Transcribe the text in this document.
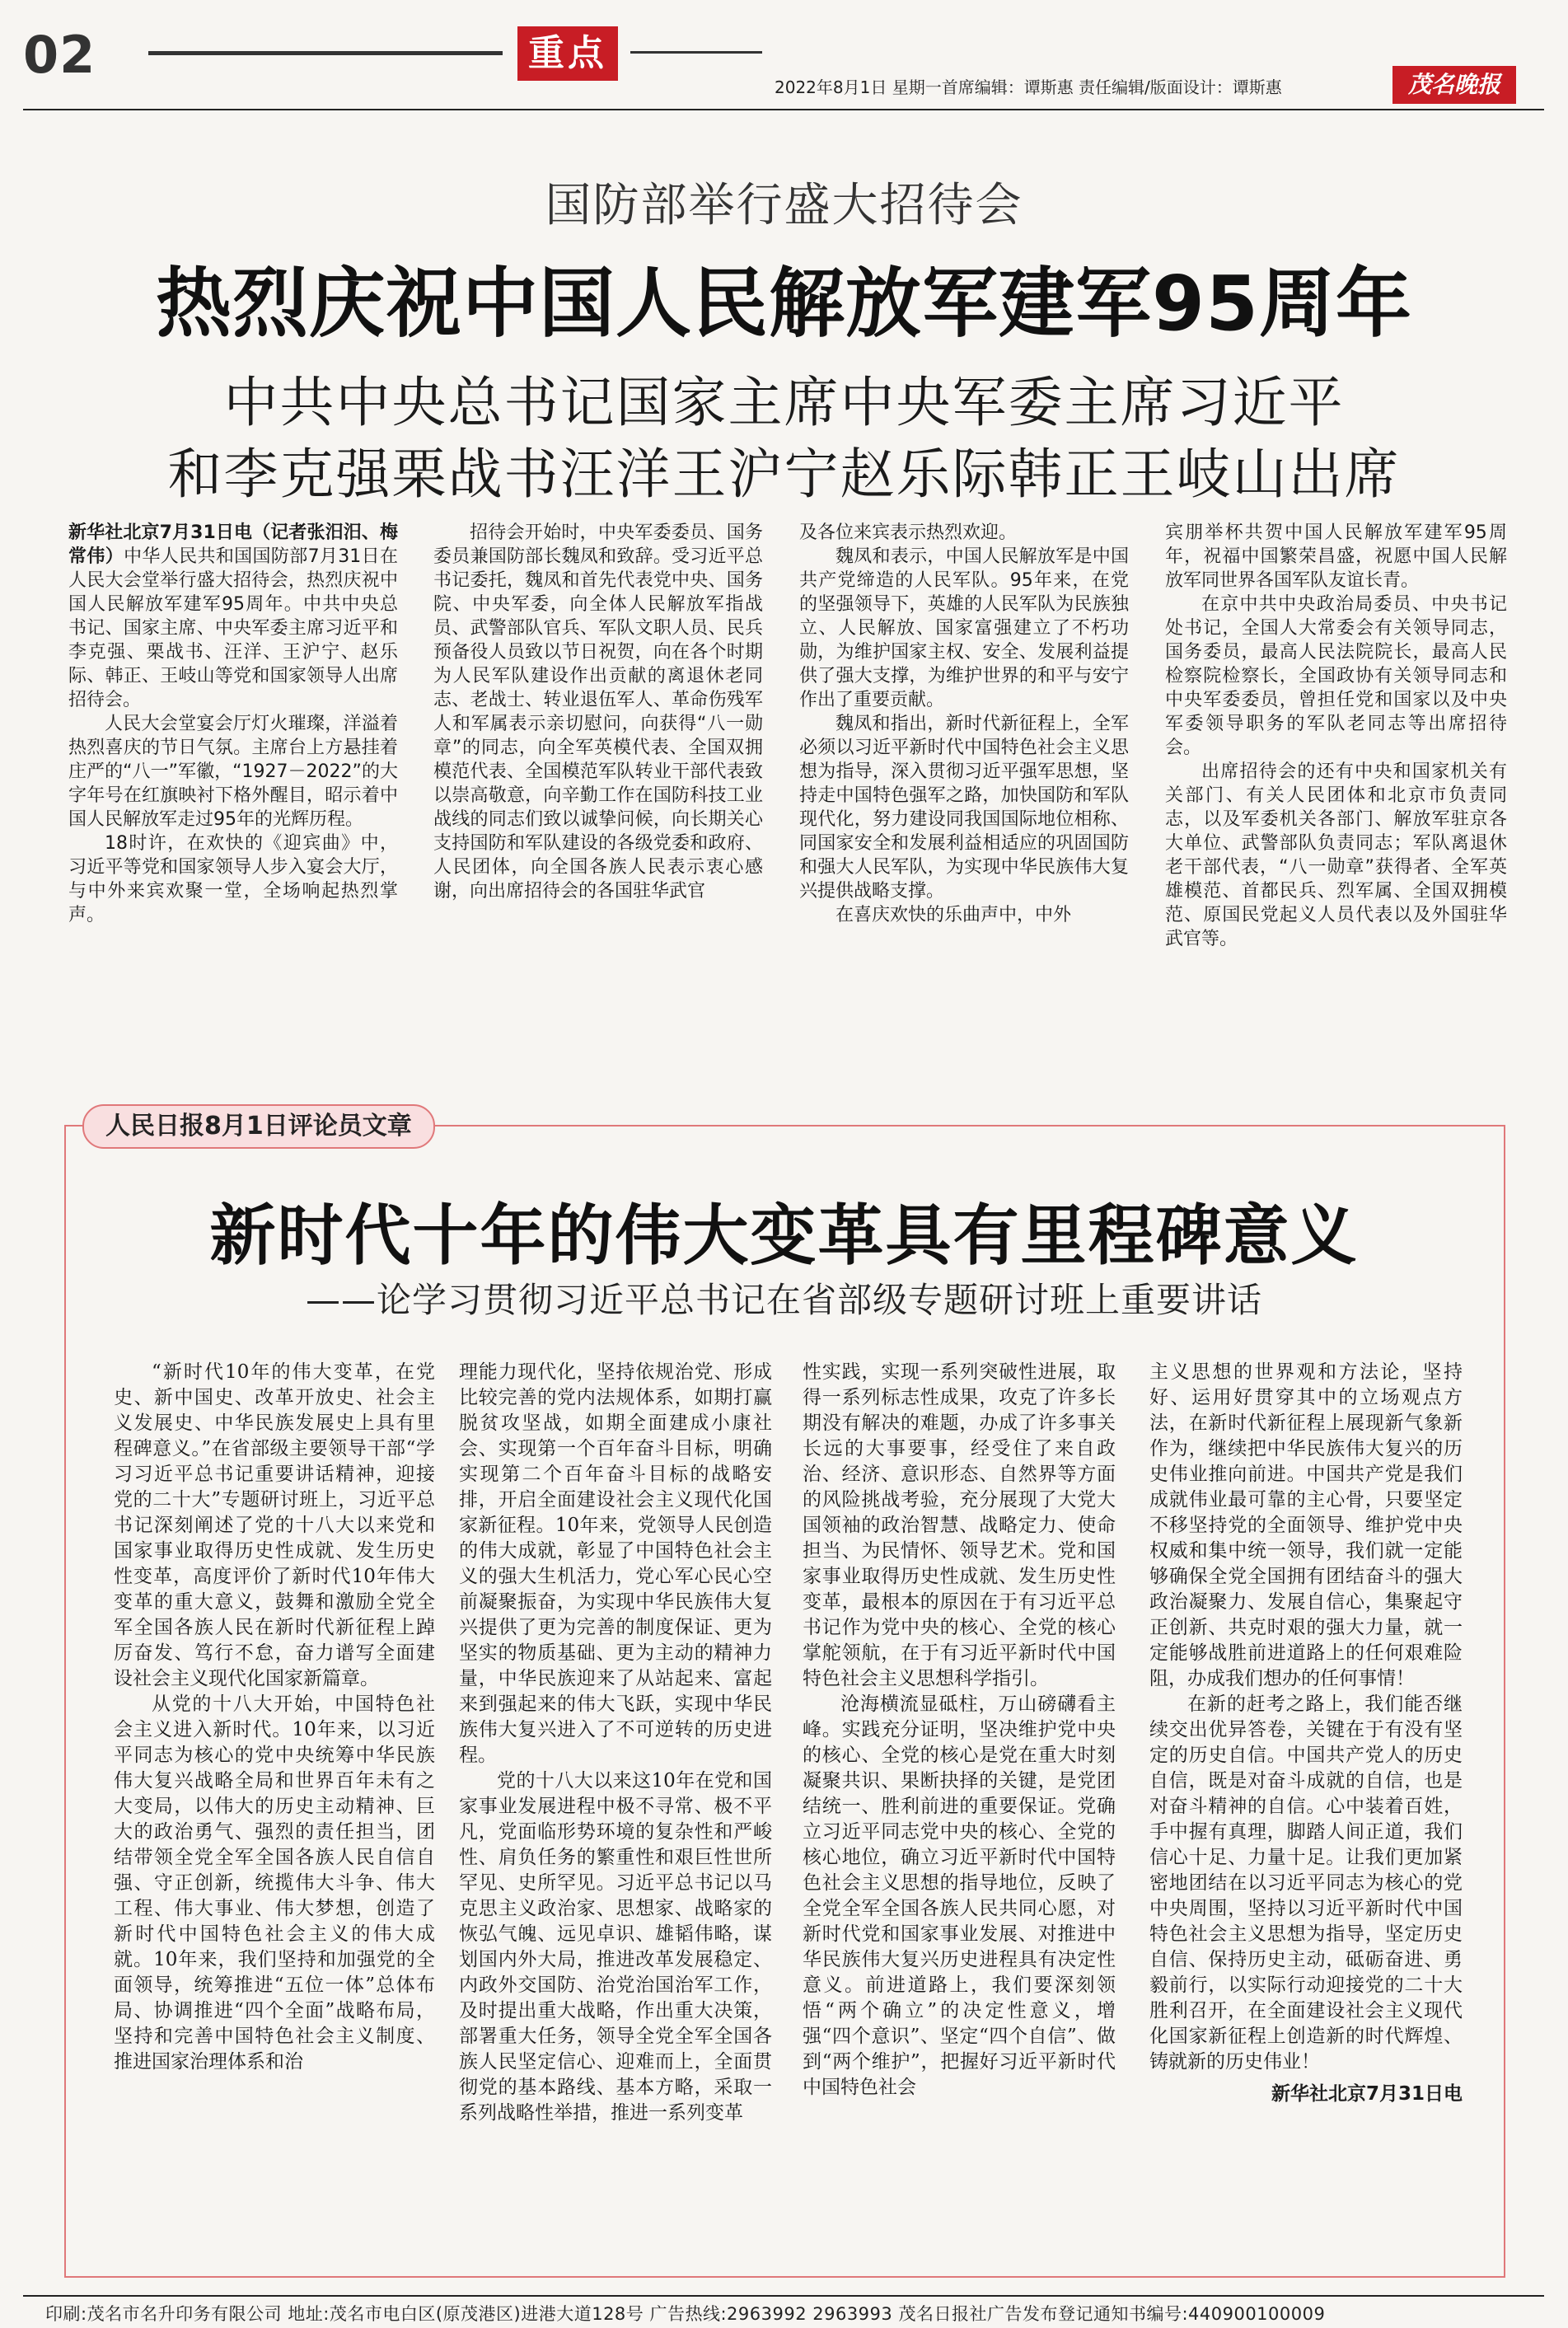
02	重点
2022年8月1日 星期一首席编辑：谭斯惠 责任编辑/版面设计：谭斯惠	茂名晚报
国防部举行盛大招待会
热烈庆祝中国人民解放军建军95周年
中共中央总书记国家主席中央军委主席习近平
和李克强栗战书汪洋王沪宁赵乐际韩正王岐山出席

新华社北京7月31日电（记者张汨汨、梅常伟）中华人民共和国国防部7月31日在人民大会堂举行盛大招待会，热烈庆祝中国人民解放军建军95周年。中共中央总书记、国家主席、中央军委主席习近平和李克强、栗战书、汪洋、王沪宁、赵乐际、韩正、王岐山等党和国家领导人出席招待会。

人民大会堂宴会厅灯火璀璨，洋溢着热烈喜庆的节日气氛。主席台上方悬挂着庄严的“八一”军徽，“1927－2022”的大字年号在红旗映衬下格外醒目，昭示着中国人民解放军走过95年的光辉历程。

18时许，在欢快的《迎宾曲》中，习近平等党和国家领导人步入宴会大厅，与中外来宾欢聚一堂，全场响起热烈掌声。

招待会开始时，中央军委委员、国务委员兼国防部长魏凤和致辞。受习近平总书记委托，魏凤和首先代表党中央、国务院、中央军委，向全体人民解放军指战员、武警部队官兵、军队文职人员、民兵预备役人员致以节日祝贺，向在各个时期为人民军队建设作出贡献的离退休老同志、老战士、转业退伍军人、革命伤残军人和军属表示亲切慰问，向获得“八一勋章”的同志，向全军英模代表、全国双拥模范代表、全国模范军队转业干部代表致以崇高敬意，向辛勤工作在国防科技工业战线的同志们致以诚挚问候，向长期关心支持国防和军队建设的各级党委和政府、人民团体，向全国各族人民表示衷心感谢，向出席招待会的各国驻华武官

及各位来宾表示热烈欢迎。

魏凤和表示，中国人民解放军是中国共产党缔造的人民军队。95年来，在党的坚强领导下，英雄的人民军队为民族独立、人民解放、国家富强建立了不朽功勋，为维护国家主权、安全、发展利益提供了强大支撑，为维护世界的和平与安宁作出了重要贡献。

魏凤和指出，新时代新征程上，全军必须以习近平新时代中国特色社会主义思想为指导，深入贯彻习近平强军思想，坚持走中国特色强军之路，加快国防和军队现代化，努力建设同我国国际地位相称、同国家安全和发展利益相适应的巩固国防和强大人民军队，为实现中华民族伟大复兴提供战略支撑。

在喜庆欢快的乐曲声中，中外

宾朋举杯共贺中国人民解放军建军95周年，祝福中国繁荣昌盛，祝愿中国人民解放军同世界各国军队友谊长青。

在京中共中央政治局委员、中央书记处书记，全国人大常委会有关领导同志，国务委员，最高人民法院院长，最高人民检察院检察长，全国政协有关领导同志和中央军委委员，曾担任党和国家以及中央军委领导职务的军队老同志等出席招待会。

出席招待会的还有中央和国家机关有关部门、有关人民团体和北京市负责同志，以及军委机关各部门、解放军驻京各大单位、武警部队负责同志；军队离退休老干部代表，“八一勋章”获得者、全军英雄模范、首都民兵、烈军属、全国双拥模范、原国民党起义人员代表以及外国驻华武官等。

人民日报8月1日评论员文章
新时代十年的伟大变革具有里程碑意义
——论学习贯彻习近平总书记在省部级专题研讨班上重要讲话

“新时代10年的伟大变革，在党史、新中国史、改革开放史、社会主义发展史、中华民族发展史上具有里程碑意义。”在省部级主要领导干部“学习习近平总书记重要讲话精神，迎接党的二十大”专题研讨班上，习近平总书记深刻阐述了党的十八大以来党和国家事业取得历史性成就、发生历史性变革，高度评价了新时代10年伟大变革的重大意义，鼓舞和激励全党全军全国各族人民在新时代新征程上踔厉奋发、笃行不怠，奋力谱写全面建设社会主义现代化国家新篇章。

从党的十八大开始，中国特色社会主义进入新时代。10年来，以习近平同志为核心的党中央统筹中华民族伟大复兴战略全局和世界百年未有之大变局，以伟大的历史主动精神、巨大的政治勇气、强烈的责任担当，团结带领全党全军全国各族人民自信自强、守正创新，统揽伟大斗争、伟大工程、伟大事业、伟大梦想，创造了新时代中国特色社会主义的伟大成就。10年来，我们坚持和加强党的全面领导，统筹推进“五位一体”总体布局、协调推进“四个全面”战略布局，坚持和完善中国特色社会主义制度、推进国家治理体系和治

理能力现代化，坚持依规治党、形成比较完善的党内法规体系，如期打赢脱贫攻坚战，如期全面建成小康社会、实现第一个百年奋斗目标，明确实现第二个百年奋斗目标的战略安排，开启全面建设社会主义现代化国家新征程。10年来，党领导人民创造的伟大成就，彰显了中国特色社会主义的强大生机活力，党心军心民心空前凝聚振奋，为实现中华民族伟大复兴提供了更为完善的制度保证、更为坚实的物质基础、更为主动的精神力量，中华民族迎来了从站起来、富起来到强起来的伟大飞跃，实现中华民族伟大复兴进入了不可逆转的历史进程。

党的十八大以来这10年在党和国家事业发展进程中极不寻常、极不平凡，党面临形势环境的复杂性和严峻性、肩负任务的繁重性和艰巨性世所罕见、史所罕见。习近平总书记以马克思主义政治家、思想家、战略家的恢弘气魄、远见卓识、雄韬伟略，谋划国内外大局，推进改革发展稳定、内政外交国防、治党治国治军工作，及时提出重大战略，作出重大决策，部署重大任务，领导全党全军全国各族人民坚定信心、迎难而上，全面贯彻党的基本路线、基本方略，采取一系列战略性举措，推进一系列变革

性实践，实现一系列突破性进展，取得一系列标志性成果，攻克了许多长期没有解决的难题，办成了许多事关长远的大事要事，经受住了来自政治、经济、意识形态、自然界等方面的风险挑战考验，充分展现了大党大国领袖的政治智慧、战略定力、使命担当、为民情怀、领导艺术。党和国家事业取得历史性成就、发生历史性变革，最根本的原因在于有习近平总书记作为党中央的核心、全党的核心掌舵领航，在于有习近平新时代中国特色社会主义思想科学指引。

沧海横流显砥柱，万山磅礴看主峰。实践充分证明，坚决维护党中央的核心、全党的核心是党在重大时刻凝聚共识、果断抉择的关键，是党团结统一、胜利前进的重要保证。党确立习近平同志党中央的核心、全党的核心地位，确立习近平新时代中国特色社会主义思想的指导地位，反映了全党全军全国各族人民共同心愿，对新时代党和国家事业发展、对推进中华民族伟大复兴历史进程具有决定性意义。前进道路上，我们要深刻领悟“两个确立”的决定性意义，增强“四个意识”、坚定“四个自信”、做到“两个维护”，把握好习近平新时代中国特色社会

主义思想的世界观和方法论，坚持好、运用好贯穿其中的立场观点方法，在新时代新征程上展现新气象新作为，继续把中华民族伟大复兴的历史伟业推向前进。中国共产党是我们成就伟业最可靠的主心骨，只要坚定不移坚持党的全面领导、维护党中央权威和集中统一领导，我们就一定能够确保全党全国拥有团结奋斗的强大政治凝聚力、发展自信心，集聚起守正创新、共克时艰的强大力量，就一定能够战胜前进道路上的任何艰难险阻，办成我们想办的任何事情！

在新的赶考之路上，我们能否继续交出优异答卷，关键在于有没有坚定的历史自信。中国共产党人的历史自信，既是对奋斗成就的自信，也是对奋斗精神的自信。心中装着百姓，手中握有真理，脚踏人间正道，我们信心十足、力量十足。让我们更加紧密地团结在以习近平同志为核心的党中央周围，坚持以习近平新时代中国特色社会主义思想为指导，坚定历史自信、保持历史主动，砥砺奋进、勇毅前行，以实际行动迎接党的二十大胜利召开，在全面建设社会主义现代化国家新征程上创造新的时代辉煌、铸就新的历史伟业！

新华社北京7月31日电
印刷:茂名市名升印务有限公司 地址:茂名市电白区(原茂港区)进港大道128号 广告热线:2963992 2963993 茂名日报社广告发布登记通知书编号:440900100009
